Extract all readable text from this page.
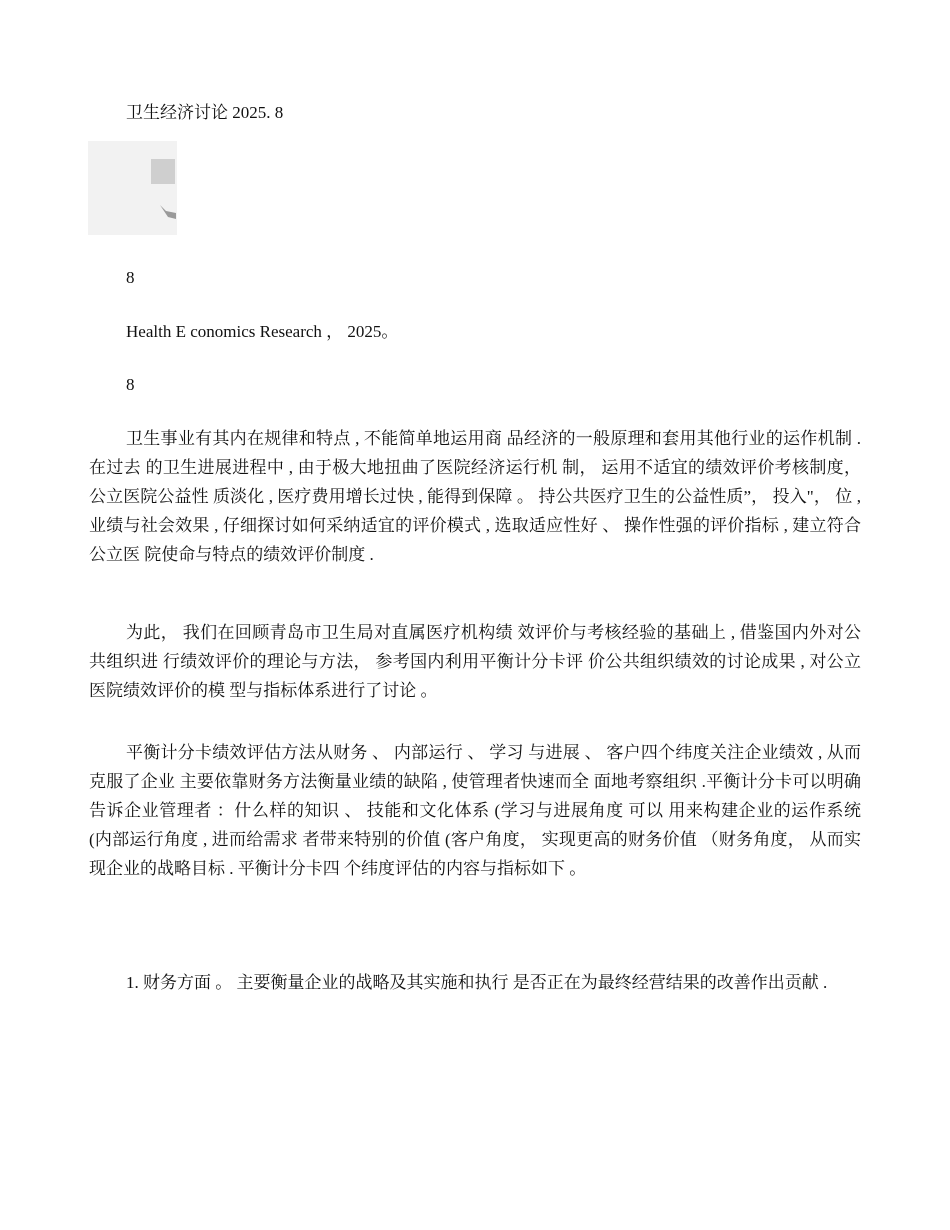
卫生经济讨论 2025. 8
8
Health E conomics Research ， 2025。
8

卫生事业有其内在规律和特点 , 不能简单地运用商 品经济的一般原理和套用其他行业的运作机制 . 在过去 的卫生进展进程中 , 由于极大地扭曲了医院经济运行机 制， 运用不适宜的绩效评价考核制度， 公立医院公益性 质淡化 , 医疗费用增长过快 , 能得到保障 。 持公共医疗卫生的公益性质”， 投入"， 位 , 业绩与社会效果 , 仔细探讨如何采纳适宜的评价模式 , 选取适应性好 、 操作性强的评价指标 , 建立符合公立医 院使命与特点的绩效评价制度 .

为此， 我们在回顾青岛市卫生局对直属医疗机构绩 效评价与考核经验的基础上 , 借鉴国内外对公共组织进 行绩效评价的理论与方法， 参考国内利用平衡计分卡评 价公共组织绩效的讨论成果 , 对公立医院绩效评价的模 型与指标体系进行了讨论 。

平衡计分卡绩效评估方法从财务 、 内部运行 、 学习 与进展 、 客户四个纬度关注企业绩效 , 从而克服了企业 主要依靠财务方法衡量业绩的缺陷 , 使管理者快速而全 面地考察组织 .平衡计分卡可以明确告诉企业管理者 ：什么样的知识 、 技能和文化体系 (学习与进展角度 可以 用来构建企业的运作系统 (内部运行角度 , 进而给需求 者带来特别的价值 (客户角度， 实现更高的财务价值 （财务角度， 从而实现企业的战略目标 . 平衡计分卡四 个纬度评估的内容与指标如下 。

1. 财务方面 。 主要衡量企业的战略及其实施和执行 是否正在为最终经营结果的改善作出贡献 .
